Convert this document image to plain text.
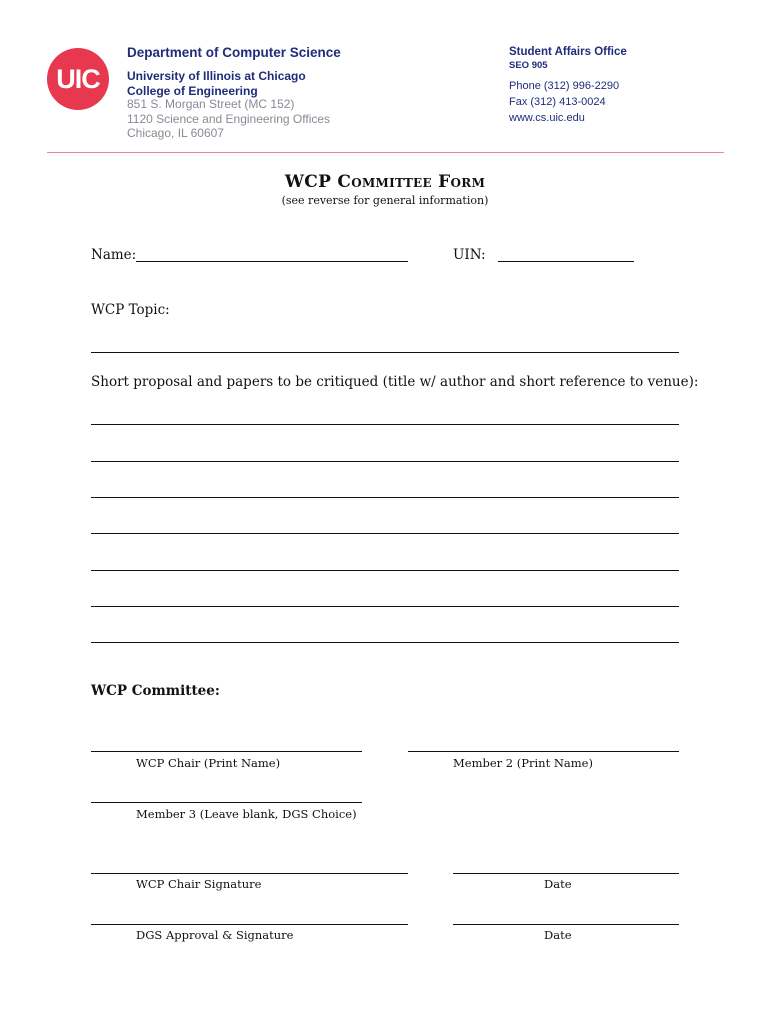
UIC
Department of Computer Science
University of Illinois at Chicago
College of Engineering
851 S. Morgan Street (MC 152)
1120 Science and Engineering Offices
Chicago, IL 60607
Student Affairs Office
SEO 905
Phone (312) 996-2290
Fax (312) 413-0024
www.cs.uic.edu
WCP Committee Form
(see reverse for general information)
Name:	UIN:
WCP Topic:
Short proposal and papers to be critiqued (title w/ author and short reference to venue):
WCP Committee:
WCP Chair (Print Name)	Member 2 (Print Name)
Member 3 (Leave blank, DGS Choice)
WCP Chair Signature	Date
DGS Approval & Signature	Date
